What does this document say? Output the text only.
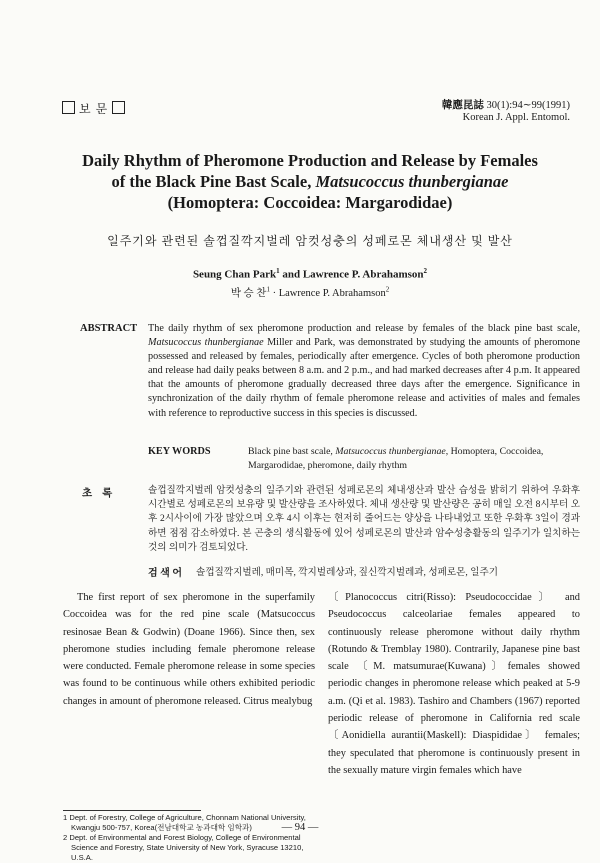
보 문	韓應昆誌 30(1):94∼99(1991)
Korean J. Appl. Entomol.
Daily Rhythm of Pheromone Production and Release by Females
of the Black Pine Bast Scale, Matsucoccus thunbergianae
(Homoptera: Coccoidea: Margarodidae)
일주기와 관련된 솔껍질깍지벌레 암컷성충의 성페로몬 체내생산 및 발산
Seung Chan Park$^1$ and Lawrence P. Abrahamson$^2$
박 승 찬$^1$ · Lawrence P. Abrahamson$^2$
ABSTRACT The daily rhythm of sex pheromone production and release by females of the black pine bast scale, Matsucoccus thunbergianae Miller and Park, was demonstrated by studying the amounts of pheromone possessed and released by females, periodically after emergence. Cycles of both pheromone production and release had daily peaks between 8 a.m. and 2 p.m., and had marked decreases after 4 p.m. It appeared that the amounts of pheromone gradually decreased three days after the emergence. Significance in synchronization of the daily rhythm of female pheromone release and activities of males and females with reference to reproductive success in this species is discussed.
KEY WORDS	Black pine bast scale, Matsucoccus thunbergianae, Homoptera, Coccoidea, Margarodidae, pheromone, daily rhythm
초록	솔껍질깍지벌레 암컷성충의 일주기와 관련된 성페로몬의 체내생산과 발산 습성을 밝히기 위하여 우화후 시간별로 성페로몬의 보유량 및 발산량을 조사하였다. 체내 생산량 및 발산량은 공히 매일 오전 8시부터 오후 2시사이에 가장 많았으며 오후 4시 이후는 현저히 줄어드는 양상을 나타내었고 또한 우화후 3일이 경과하면 점점 감소하였다. 본 곤충의 생식활동에 있어 성페로몬의 발산과 암수성충활동의 일주기가 일치하는 것의 의미가 검토되었다.
검 색 어 솔껍질깍지벌레, 매미목, 깍지벌레상과, 짚신깍지벌레과, 성페로몬, 일주기

The first report of sex pheromone in the superfamily Coccoidea was for the red pine scale (Matsucoccus resinosae Bean & Godwin) (Doane 1966). Since then, sex pheromone studies including female pheromone release were conducted. Female pheromone release in some species was found to be continuous while others exhibited periodic changes in amount of pheromone released. Citrus mealybug

〔Planococcus citri(Risso): Pseudococcidae〕 and Pseudococcus calceolariae females appeared to continuously release pheromone without daily rhythm (Rotundo & Tremblay 1980). Contrarily, Japanese pine bast scale 〔M. matsumurae(Kuwana)〕females showed periodic changes in pheromone release which peaked at 5-9 a.m. (Qi et al. 1983). Tashiro and Chambers (1967) reported periodic release of pheromone in California red scale 〔Aonidiella aurantii(Maskell): Diaspididae〕 females; they speculated that pheromone is continuously present in the sexually mature virgin females which have

1 Dept. of Forestry, College of Agriculture, Chonnam National University, Kwangju 500-757, Korea(전남대학교 농과대학 임학과)
2 Dept. of Environmental and Forest Biology, College of Environmental Science and Forestry, State University of New York, Syracuse 13210, U.S.A.
— 94 —
